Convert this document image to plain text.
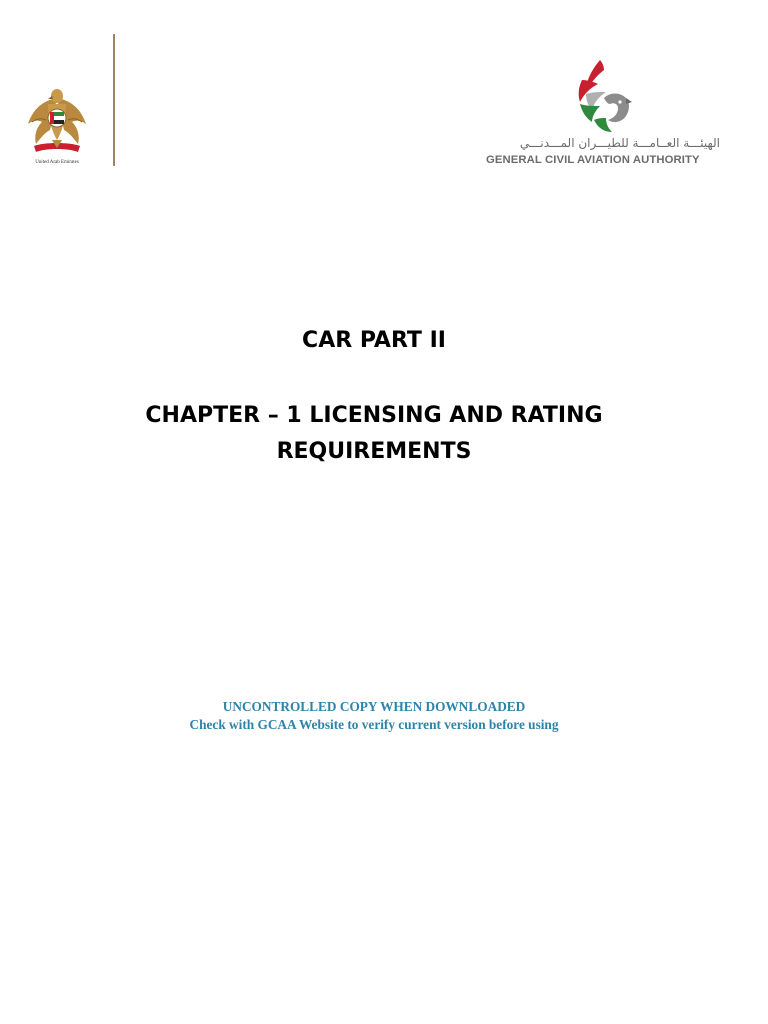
United Arab Emirates
الهيئـــة العــامـــة للطيـــران المـــدنـــي
GENERAL CIVIL AVIATION AUTHORITY
CAR PART II
CHAPTER – 1 LICENSING AND RATING REQUIREMENTS
UNCONTROLLED COPY WHEN DOWNLOADED
Check with GCAA Website to verify current version before using
